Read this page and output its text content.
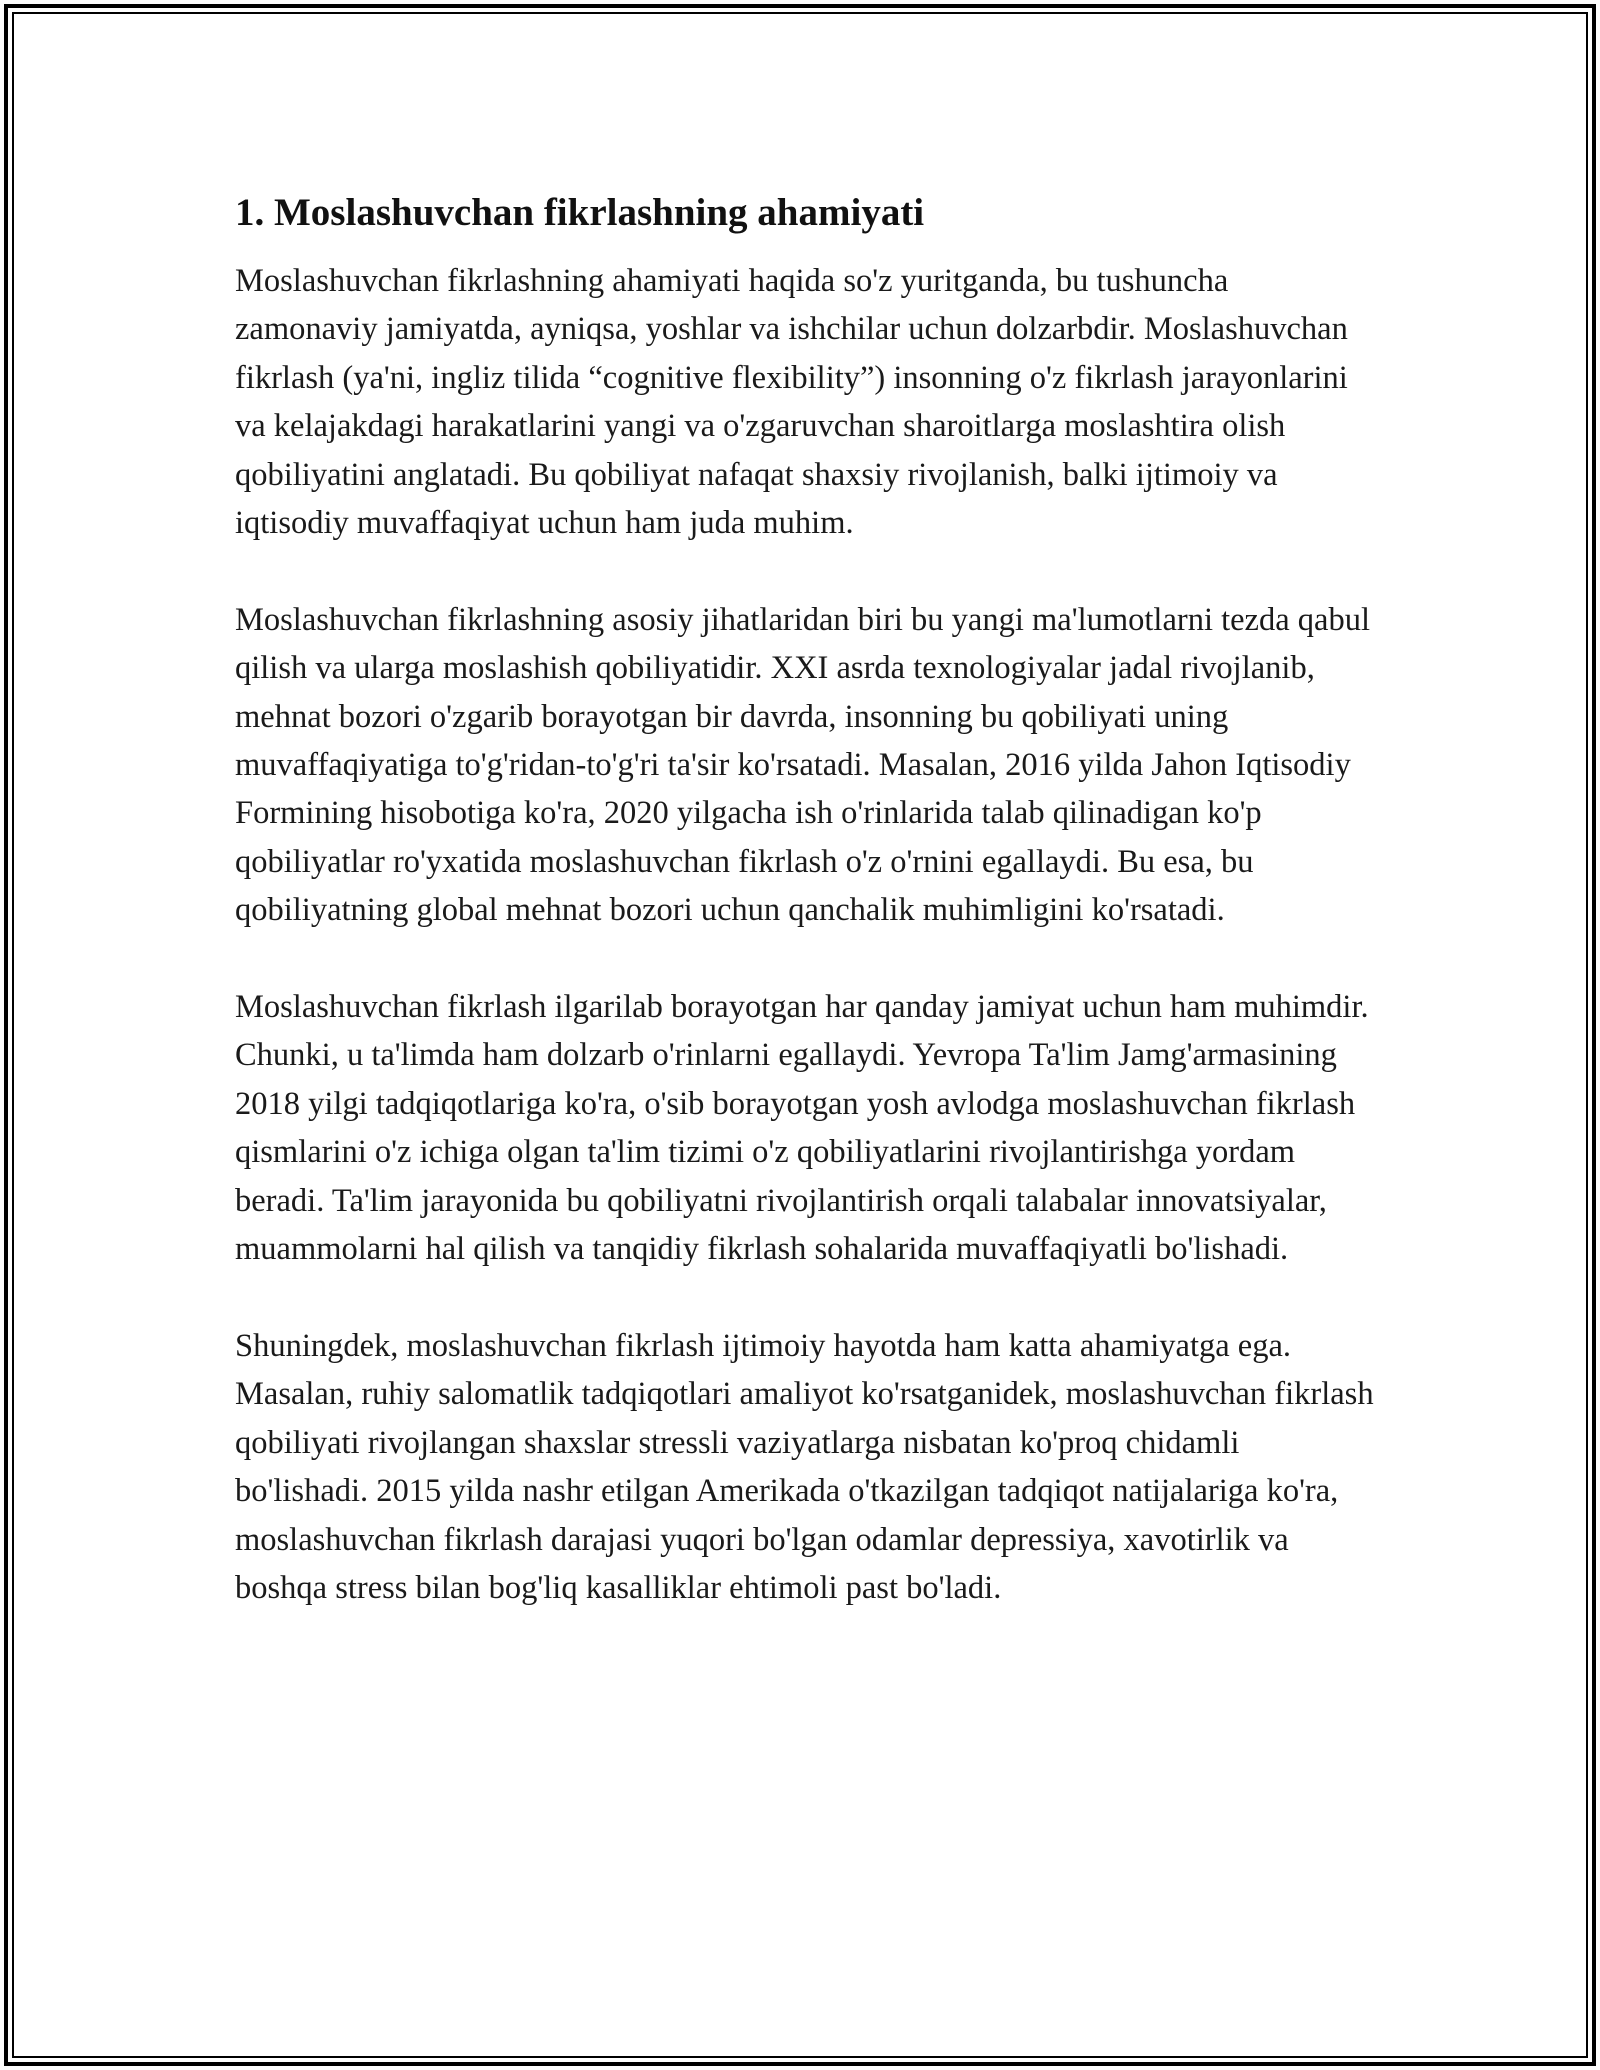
1. Moslashuvchan fikrlashning ahamiyati

Moslashuvchan fikrlashning ahamiyati haqida so'z yuritganda, bu tushuncha zamonaviy jamiyatda, ayniqsa, yoshlar va ishchilar uchun dolzarbdir. Moslashuvchan fikrlash (ya'ni, ingliz tilida “cognitive flexibility”) insonning o'z fikrlash jarayonlarini va kelajakdagi harakatlarini yangi va o'zgaruvchan sharoitlarga moslashtira olish qobiliyatini anglatadi. Bu qobiliyat nafaqat shaxsiy rivojlanish, balki ijtimoiy va iqtisodiy muvaffaqiyat uchun ham juda muhim.

Moslashuvchan fikrlashning asosiy jihatlaridan biri bu yangi ma'lumotlarni tezda qabul qilish va ularga moslashish qobiliyatidir. XXI asrda texnologiyalar jadal rivojlanib, mehnat bozori o'zgarib borayotgan bir davrda, insonning bu qobiliyati uning muvaffaqiyatiga to'g'ridan-to'g'ri ta'sir ko'rsatadi. Masalan, 2016 yilda Jahon Iqtisodiy Formining hisobotiga ko'ra, 2020 yilgacha ish o'rinlarida talab qilinadigan ko'p qobiliyatlar ro'yxatida moslashuvchan fikrlash o'z o'rnini egallaydi. Bu esa, bu qobiliyatning global mehnat bozori uchun qanchalik muhimligini ko'rsatadi.

Moslashuvchan fikrlash ilgarilab borayotgan har qanday jamiyat uchun ham muhimdir. Chunki, u ta'limda ham dolzarb o'rinlarni egallaydi. Yevropa Ta'lim Jamg'armasining 2018 yilgi tadqiqotlariga ko'ra, o'sib borayotgan yosh avlodga moslashuvchan fikrlash qismlarini o'z ichiga olgan ta'lim tizimi o'z qobiliyatlarini rivojlantirishga yordam beradi. Ta'lim jarayonida bu qobiliyatni rivojlantirish orqali talabalar innovatsiyalar, muammolarni hal qilish va tanqidiy fikrlash sohalarida muvaffaqiyatli bo'lishadi.

Shuningdek, moslashuvchan fikrlash ijtimoiy hayotda ham katta ahamiyatga ega. Masalan, ruhiy salomatlik tadqiqotlari amaliyot ko'rsatganidek, moslashuvchan fikrlash qobiliyati rivojlangan shaxslar stressli vaziyatlarga nisbatan ko'proq chidamli bo'lishadi. 2015 yilda nashr etilgan Amerikada o'tkazilgan tadqiqot natijalariga ko'ra, moslashuvchan fikrlash darajasi yuqori bo'lgan odamlar depressiya, xavotirlik va boshqa stress bilan bog'liq kasalliklar ehtimoli past bo'ladi.
